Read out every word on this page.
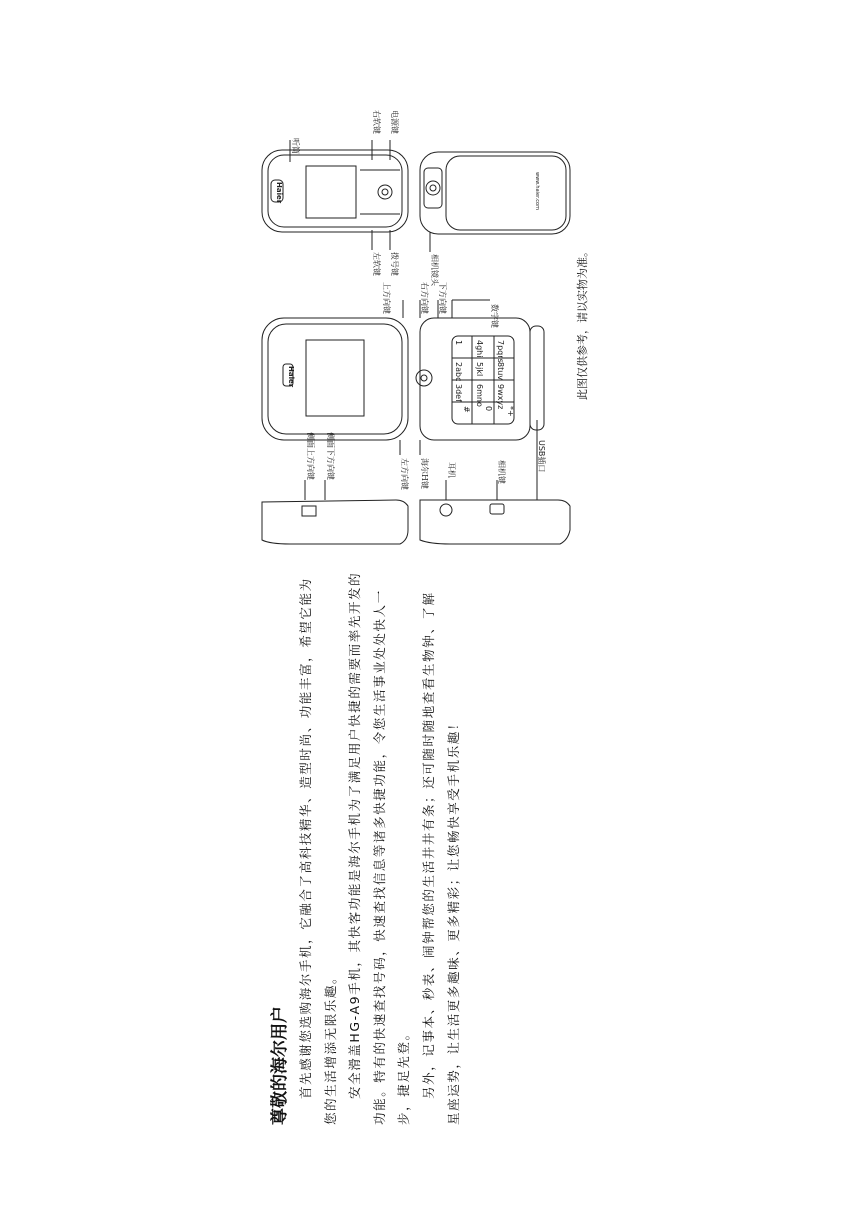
尊敬的海尔用户 首先感谢您选购海尔手机，它融合了高科技精华、造型时尚、功能丰富，希望它能为 您的生活增添无限乐趣。 安全滑盖HG-A9手机，其快客功能是海尔手机为了满足用户快捷的需要而率先开发的 功能。特有的快速查找号码，快速查找信息等诸多快捷功能，令您生活事业处处快人一 步，捷足先登。 另外，记事本、秒表、闹钟帮您的生活井井有条；还可随时随地查看生物钟、了解 星座运势，让生活更多趣味、更多精彩；让您畅快享受手机乐趣！
听筒
右软键 电源键
左软键 拨号键	相机镜头
上方向键	右方向键 下方向键
数字键
左方向键 海尔H键
侧面上方向键 侧面下方向键	耳机	相机键	USB插口
Haier
Haier
www.haier.com
1
2abc
3def
4ghi
5jkl
6mno
7pqrs
8tuv
9wxyz
*+
0
#
此图仅供参考，请以实物为准。
